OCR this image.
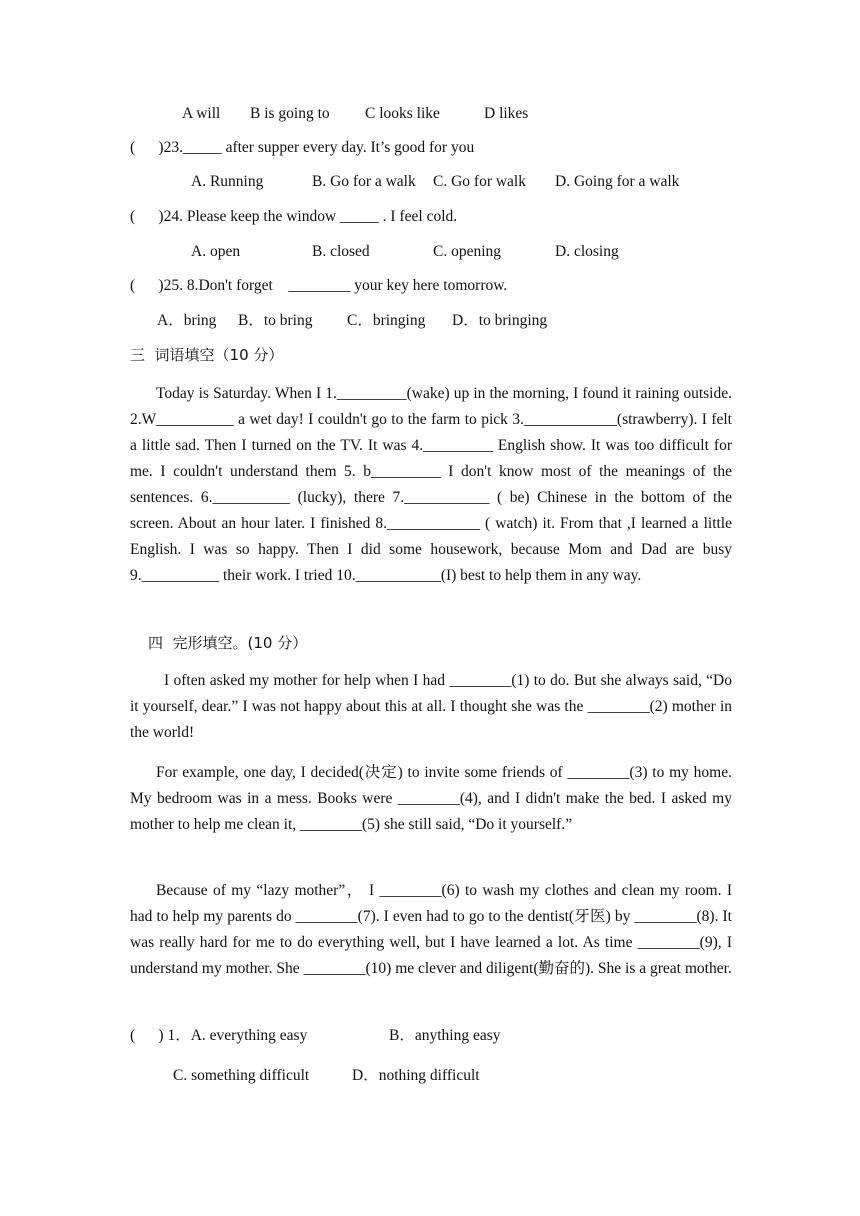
A will B is going to C looks like	D likes
(      )23._____ after supper every day. It’s good for you
A. Running	B. Go for a walk C. Go for walk D. Going for a walk
(      )24. Please keep the window _____ . I feel cold.
A. open	B. closed	C. opening	D. closing
(      )25. 8.Don't forget    ________ your key here tomorrow.
A．bring B．to bring C．bringing D．to bringing
三  词语填空（10 分）

Today is Saturday. When I 1._________(wake) up in the morning, I found it raining outside. 2.W__________ a wet day! I couldn't go to the farm to pick 3.____________(strawberry). I felt a little sad. Then I turned on the TV. It was 4._________ English show. It was too difficult for me. I couldn't understand them 5. b_________ I don't know most of the meanings of the sentences. 6.__________ (lucky), there 7.___________ ( be) Chinese in the bottom of the screen. About an hour later. I finished 8.____________ ( watch) it. From that ,I learned a little English. I was so happy. Then I did some housework, because Mom and Dad are busy 9.__________ their work. I tried 10.___________(I) best to help them in any way.

四  完形填空。(10 分）

I often asked my mother for help when I had ________(1) to do. But she always said, “Do it yourself, dear.” I was not happy about this at all. I thought she was the ________(2) mother in the world!

For example, one day, I decided(决定) to invite some friends of ________(3) to my home. My bedroom was in a mess. Books were ________(4), and I didn't make the bed. I asked my mother to help me clean it, ________(5) she still said, “Do it yourself.”

Because of my “lazy mother”， I ________(6) to wash my clothes and clean my room. I had to help my parents do ________(7). I even had to go to the dentist(牙医) by ________(8). It was really hard for me to do everything well, but I have learned a lot. As time ________(9), I understand my mother. She ________(10) me clever and diligent(勤奋的). She is a great mother.

(      ) 1．A. everything easy	B．anything easy
C. something difficult	D．nothing difficult
